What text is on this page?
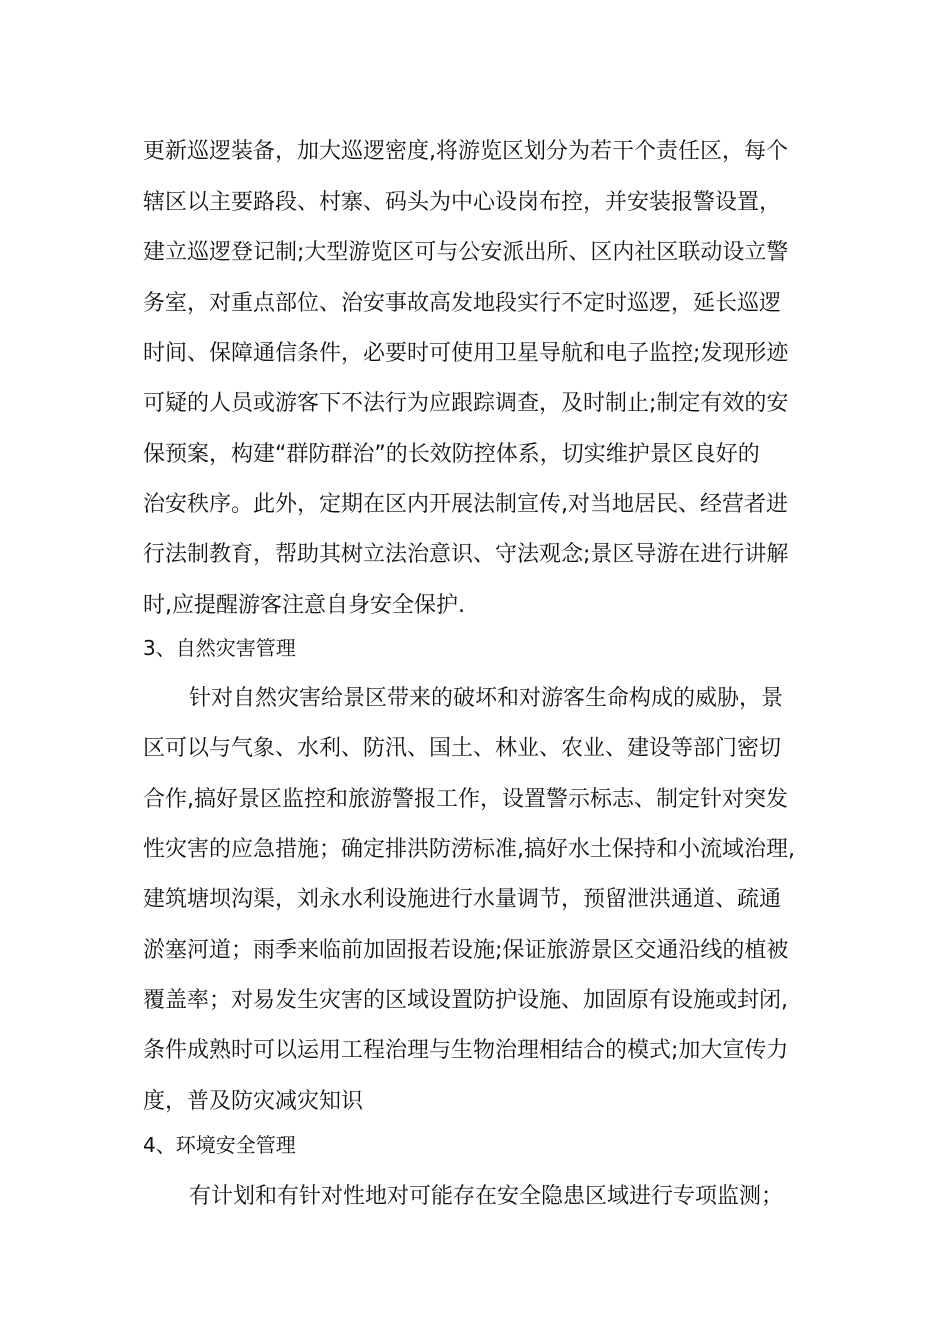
更新巡逻装备，加大巡逻密度,将游览区划分为若干个责任区，每个
辖区以主要路段、村寨、码头为中心设岗布控，并安装报警设置，
建立巡逻登记制;大型游览区可与公安派出所、区内社区联动设立警
务室，对重点部位、治安事故高发地段实行不定时巡逻，延长巡逻
时间、保障通信条件，必要时可使用卫星导航和电子监控;发现形迹
可疑的人员或游客下不法行为应跟踪调查，及时制止;制定有效的安
保预案，构建“群防群治”的长效防控体系，切实维护景区良好的
治安秩序。此外，定期在区内开展法制宣传,对当地居民、经营者进
行法制教育，帮助其树立法治意识、守法观念;景区导游在进行讲解
时,应提醒游客注意自身安全保护.
3、自然灾害管理
针对自然灾害给景区带来的破坏和对游客生命构成的威胁，景
区可以与气象、水利、防汛、国土、林业、农业、建设等部门密切
合作,搞好景区监控和旅游警报工作，设置警示标志、制定针对突发
性灾害的应急措施；确定排洪防涝标准,搞好水土保持和小流域治理,
建筑塘坝沟渠，刘永水利设施进行水量调节，预留泄洪通道、疏通
淤塞河道；雨季来临前加固报若设施;保证旅游景区交通沿线的植被
覆盖率；对易发生灾害的区域设置防护设施、加固原有设施或封闭,
条件成熟时可以运用工程治理与生物治理相结合的模式;加大宣传力
度，普及防灾减灾知识
4、环境安全管理
有计划和有针对性地对可能存在安全隐患区域进行专项监测；
